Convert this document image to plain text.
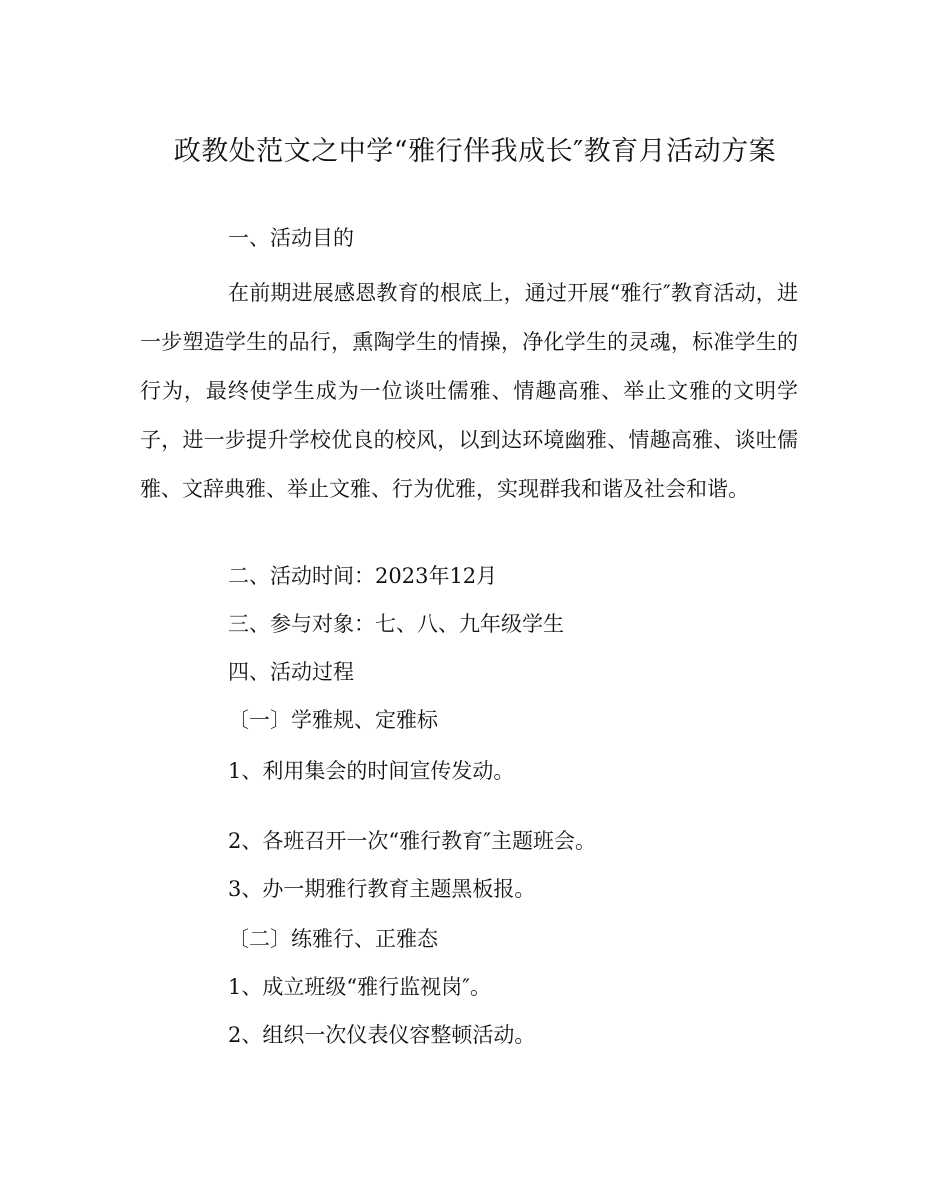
政教处范文之中学“雅行伴我成长″教育月活动方案
一、活动目的
在前期进展感恩教育的根底上，通过开展“雅行″教育活动，进一步塑造学生的品行，熏陶学生的情操，净化学生的灵魂，标准学生的行为，最终使学生成为一位谈吐儒雅、情趣高雅、举止文雅的文明学子，进一步提升学校优良的校风，以到达环境幽雅、情趣高雅、谈吐儒雅、文辞典雅、举止文雅、行为优雅，实现群我和谐及社会和谐。
二、活动时间：2023年12月
三、参与对象：七、八、九年级学生
四、活动过程
〔一〕学雅规、定雅标
1、利用集会的时间宣传发动。
2、各班召开一次“雅行教育″主题班会。
3、办一期雅行教育主题黑板报。
〔二〕练雅行、正雅态
1、成立班级“雅行监视岗″。
2、组织一次仪表仪容整顿活动。
